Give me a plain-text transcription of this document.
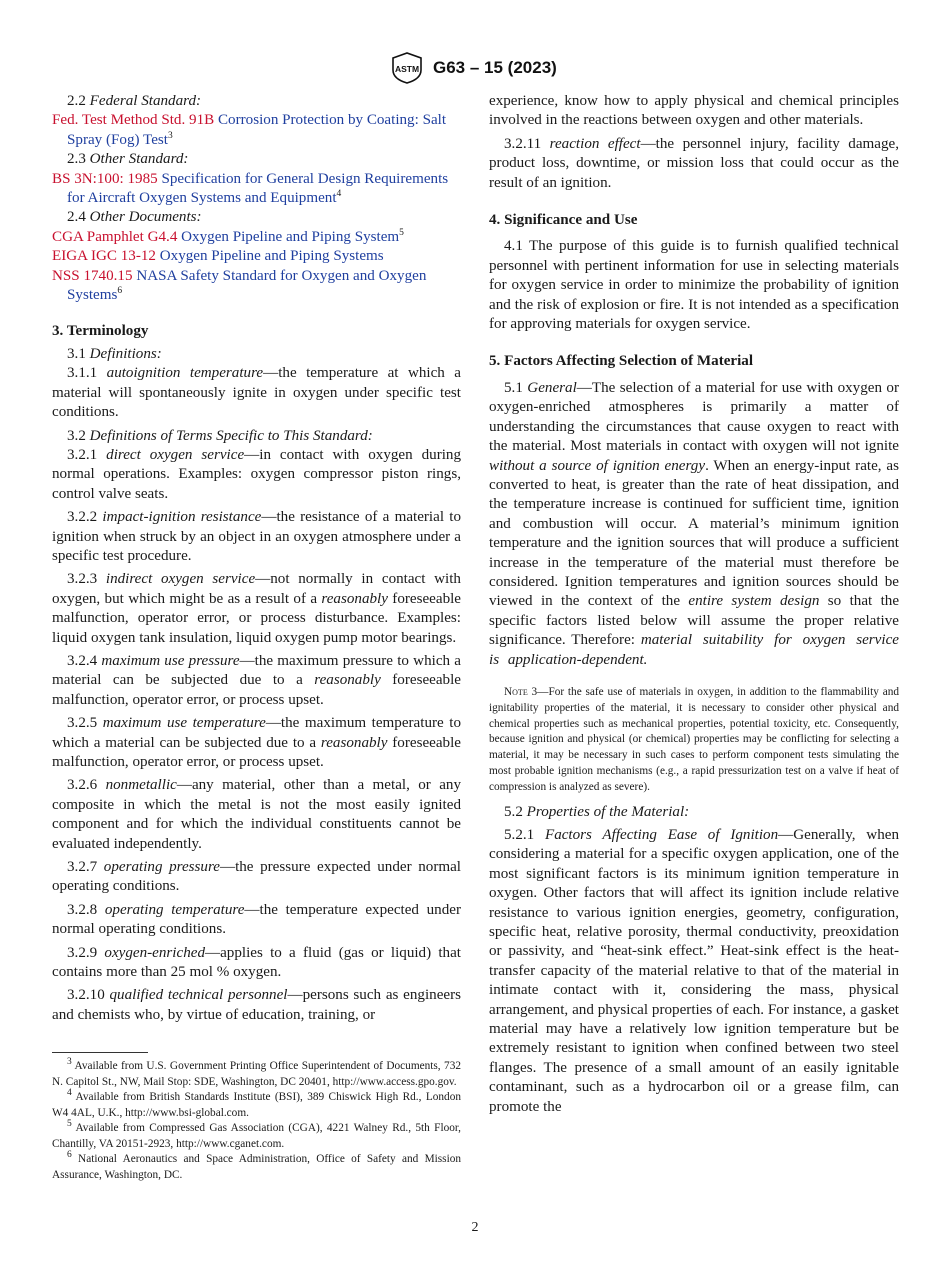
ASTM G63 – 15 (2023)

2.2 Federal Standard:

Fed. Test Method Std. 91B Corrosion Protection by Coating: Salt Spray (Fog) Test$^3$

2.3 Other Standard:

BS 3N:100: 1985 Specification for General Design Requirements for Aircraft Oxygen Systems and Equipment$^4$

2.4 Other Documents:

CGA Pamphlet G4.4 Oxygen Pipeline and Piping System$^5$

EIGA IGC 13-12 Oxygen Pipeline and Piping Systems

NSS 1740.15 NASA Safety Standard for Oxygen and Oxygen Systems$^6$

3. Terminology

3.1 Definitions:

3.1.1 autoignition temperature—the temperature at which a material will spontaneously ignite in oxygen under specific test conditions.

3.2 Definitions of Terms Specific to This Standard:

3.2.1 direct oxygen service—in contact with oxygen during normal operations. Examples: oxygen compressor piston rings, control valve seats.

3.2.2 impact-ignition resistance—the resistance of a material to ignition when struck by an object in an oxygen atmosphere under a specific test procedure.

3.2.3 indirect oxygen service—not normally in contact with oxygen, but which might be as a result of a reasonably foreseeable malfunction, operator error, or process disturbance. Examples: liquid oxygen tank insulation, liquid oxygen pump motor bearings.

3.2.4 maximum use pressure—the maximum pressure to which a material can be subjected due to a reasonably foreseeable malfunction, operator error, or process upset.

3.2.5 maximum use temperature—the maximum temperature to which a material can be subjected due to a reasonably foreseeable malfunction, operator error, or process upset.

3.2.6 nonmetallic—any material, other than a metal, or any composite in which the metal is not the most easily ignited component and for which the individual constituents cannot be evaluated independently.

3.2.7 operating pressure—the pressure expected under normal operating conditions.

3.2.8 operating temperature—the temperature expected under normal operating conditions.

3.2.9 oxygen-enriched—applies to a fluid (gas or liquid) that contains more than 25 mol % oxygen.

3.2.10 qualified technical personnel—persons such as engineers and chemists who, by virtue of education, training, or

$^3$ Available from U.S. Government Printing Office Superintendent of Documents, 732 N. Capitol St., NW, Mail Stop: SDE, Washington, DC 20401, http://www.access.gpo.gov.

$^4$ Available from British Standards Institute (BSI), 389 Chiswick High Rd., London W4 4AL, U.K., http://www.bsi-global.com.

$^5$ Available from Compressed Gas Association (CGA), 4221 Walney Rd., 5th Floor, Chantilly, VA 20151-2923, http://www.cganet.com.

$^6$ National Aeronautics and Space Administration, Office of Safety and Mission Assurance, Washington, DC.

experience, know how to apply physical and chemical principles involved in the reactions between oxygen and other materials.

3.2.11 reaction effect—the personnel injury, facility damage, product loss, downtime, or mission loss that could occur as the result of an ignition.

4. Significance and Use

4.1 The purpose of this guide is to furnish qualified technical personnel with pertinent information for use in selecting materials for oxygen service in order to minimize the probability of ignition and the risk of explosion or fire. It is not intended as a specification for approving materials for oxygen service.

5. Factors Affecting Selection of Material

5.1 General—The selection of a material for use with oxygen or oxygen-enriched atmospheres is primarily a matter of understanding the circumstances that cause oxygen to react with the material. Most materials in contact with oxygen will not ignite without a source of ignition energy. When an energy-input rate, as converted to heat, is greater than the rate of heat dissipation, and the temperature increase is continued for sufficient time, ignition and combustion will occur. A material’s minimum ignition temperature and the ignition sources that will produce a sufficient increase in the temperature of the material must therefore be considered. Ignition temperatures and ignition sources should be viewed in the context of the entire system design so that the specific factors listed below will assume the proper relative significance. Therefore: material suitability for oxygen service is application-dependent.

Note 3—For the safe use of materials in oxygen, in addition to the flammability and ignitability properties of the material, it is necessary to consider other physical and chemical properties such as mechanical properties, potential toxicity, etc. Consequently, because ignition and physical (or chemical) properties may be conflicting for selecting a material, it may be necessary in such cases to perform component tests simulating the most probable ignition mechanisms (e.g., a rapid pressurization test on a valve if heat of compression is analyzed as severe).

5.2 Properties of the Material:

5.2.1 Factors Affecting Ease of Ignition—Generally, when considering a material for a specific oxygen application, one of the most significant factors is its minimum ignition temperature in oxygen. Other factors that will affect its ignition include relative resistance to various ignition energies, geometry, configuration, specific heat, relative porosity, thermal conductivity, preoxidation or passivity, and “heat-sink effect.” Heat-sink effect is the heat-transfer capacity of the material relative to that of the material in intimate contact with it, considering the mass, physical arrangement, and physical properties of each. For instance, a gasket material may have a relatively low ignition temperature but be extremely resistant to ignition when confined between two steel flanges. The presence of a small amount of an easily ignitable contaminant, such as a hydrocarbon oil or a grease film, can promote the

2
